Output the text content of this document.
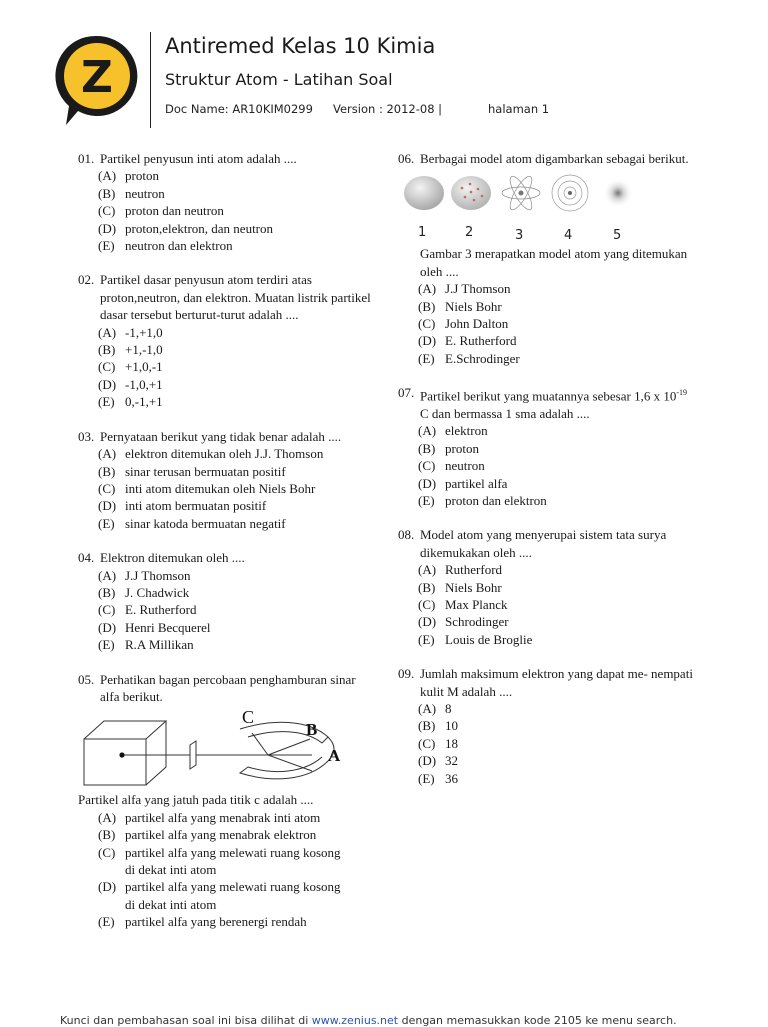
Z
Antiremed Kelas 10 Kimia
Struktur Atom - Latihan Soal
Doc Name: AR10KIM0299 Version : 2012-08 |	halaman 1
01. Partikel penyusun inti atom adalah ....
(A) proton
(B) neutron
(C) proton dan neutron
(D) proton,elektron, dan neutron
(E) neutron dan elektron
02. Partikel dasar penyusun atom terdiri atas proton,neutron, dan elektron. Muatan listrik partikel dasar tersebut berturut-turut adalah ....
(A) -1,+1,0
(B) +1,-1,0
(C) +1,0,-1
(D) -1,0,+1
(E) 0,-1,+1
03. Pernyataan berikut yang tidak benar adalah ....
(A) elektron ditemukan oleh J.J. Thomson
(B) sinar terusan bermuatan positif
(C) inti atom ditemukan oleh Niels Bohr
(D) inti atom bermuatan positif
(E) sinar katoda bermuatan negatif
04. Elektron ditemukan oleh ....
(A) J.J Thomson
(B) J. Chadwick
(C) E. Rutherford
(D) Henri Becquerel
(E) R.A Millikan
05. Perhatikan bagan percobaan penghamburan sinar alfa berikut.
C
B
A
Partikel alfa yang jatuh pada titik c adalah ....
(A) partikel alfa yang menabrak inti atom
(B) partikel alfa yang menabrak elektron
(C) partikel alfa yang melewati ruang kosong
di dekat inti atom
(D) partikel alfa yang melewati ruang kosong
di dekat inti atom
(E) partikel alfa yang berenergi rendah
06. Berbagai model atom digambarkan sebagai berikut.
1	2	3	4	5
Gambar 3 merapatkan model atom yang ditemukan oleh ....
(A) J.J Thomson
(B) Niels Bohr
(C) John Dalton
(D) E. Rutherford
(E) E.Schrodinger
07. Partikel berikut yang muatannya sebesar 1,6 x $10^{-19}$ C dan bermassa 1 sma adalah ....
(A) elektron
(B) proton
(C) neutron
(D) partikel alfa
(E) proton dan elektron
08. Model atom yang menyerupai sistem tata surya dikemukakan oleh ....
(A) Rutherford
(B) Niels Bohr
(C) Max Planck
(D) Schrodinger
(E) Louis de Broglie
09. Jumlah maksimum elektron yang dapat me- nempati kulit M adalah ....
(A) 8
(B) 10
(C) 18
(D) 32
(E) 36
Kunci dan pembahasan soal ini bisa dilihat di www.zenius.net dengan memasukkan kode 2105 ke menu search.
